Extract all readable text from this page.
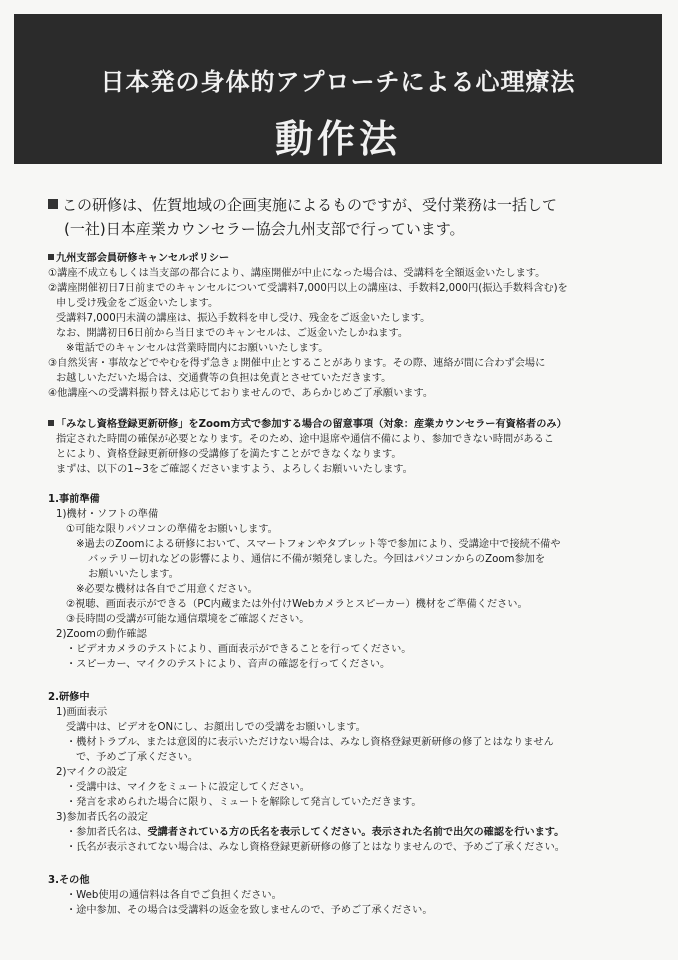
日本発の身体的アプローチによる心理療法
動作法
この研修は、佐賀地域の企画実施によるものですが、受付業務は一括して
(一社)日本産業カウンセラー協会九州支部で行っています。
九州支部会員研修キャンセルポリシー
①講座不成立もしくは当支部の都合により、講座開催が中止になった場合は、受講料を全額返金いたします。
②講座開催初日7日前までのキャンセルについて受講料7,000円以上の講座は、手数料2,000円(振込手数料含む)を
申し受け残金をご返金いたします。
受講料7,000円未満の講座は、振込手数料を申し受け、残金をご返金いたします。
なお、開講初日6日前から当日までのキャンセルは、ご返金いたしかねます。
※電話でのキャンセルは営業時間内にお願いいたします。
③自然災害・事故などでやむを得ず急きょ開催中止とすることがあります。その際、連絡が間に合わず会場に
お越しいただいた場合は、交通費等の負担は免責とさせていただきます。
④他講座への受講料振り替えは応じておりませんので、あらかじめご了承願います。
「みなし資格登録更新研修」をZoom方式で参加する場合の留意事項（対象：産業カウンセラー有資格者のみ）
指定された時間の確保が必要となります。そのため、途中退席や通信不備により、参加できない時間があるこ
とにより、資格登録更新研修の受講修了を満たすことができなくなります。
まずは、以下の1~3をご確認くださいますよう、よろしくお願いいたします。
1.事前準備
1)機材・ソフトの準備
①可能な限りパソコンの準備をお願いします。
※過去のZoomによる研修において、スマートフォンやタブレット等で参加により、受講途中で接続不備や
バッテリー切れなどの影響により、通信に不備が頻発しました。今回はパソコンからのZoom参加を
お願いいたします。
※必要な機材は各自でご用意ください。
②視聴、画面表示ができる（PC内蔵または外付けWebカメラとスピーカー）機材をご準備ください。
③長時間の受講が可能な通信環境をご確認ください。
2)Zoomの動作確認
・ビデオカメラのテストにより、画面表示ができることを行ってください。
・スピーカー、マイクのテストにより、音声の確認を行ってください。
2.研修中
1)画面表示
受講中は、ビデオをONにし、お顔出しでの受講をお願いします。
・機材トラブル、または意図的に表示いただけない場合は、みなし資格登録更新研修の修了とはなりません
で、予めご了承ください。
2)マイクの設定
・受講中は、マイクをミュートに設定してください。
・発言を求められた場合に限り、ミュートを解除して発言していただきます。
3)参加者氏名の設定
・参加者氏名は、受講者されている方の氏名を表示してください。表示された名前で出欠の確認を行います。
・氏名が表示されてない場合は、みなし資格登録更新研修の修了とはなりませんので、予めご了承ください。
3.その他
・Web使用の通信料は各自でご負担ください。
・途中参加、その場合は受講料の返金を致しませんので、予めご了承ください。
